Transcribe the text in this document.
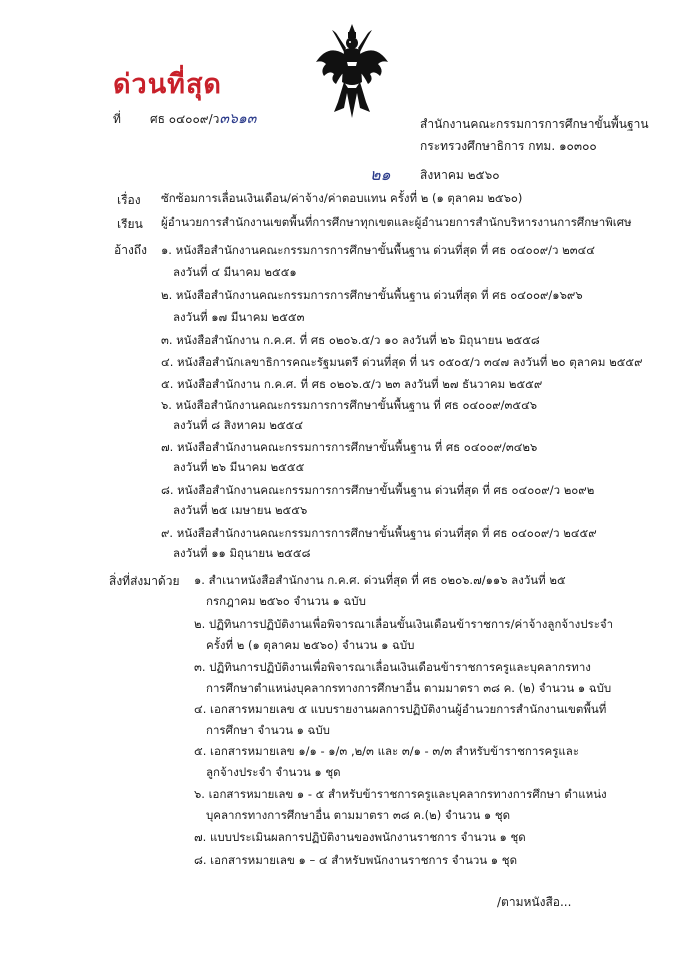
ด่วนที่สุด
ที่ ศธ ๐๔๐๐๙/ว๓๖๑๓	สำนักงานคณะกรรมการการศึกษาขั้นพื้นฐาน
กระทรวงศึกษาธิการ กทม. ๑๐๓๐๐
๒๑ สิงหาคม ๒๕๖๐
เรื่อง ซักซ้อมการเลื่อนเงินเดือน/ค่าจ้าง/ค่าตอบแทน ครั้งที่ ๒ (๑ ตุลาคม ๒๕๖๐)
เรียน ผู้อำนวยการสำนักงานเขตพื้นที่การศึกษาทุกเขตและผู้อำนวยการสำนักบริหารงานการศึกษาพิเศษ
อ้างถึง ๑. หนังสือสำนักงานคณะกรรมการการศึกษาขั้นพื้นฐาน ด่วนที่สุด ที่ ศธ ๐๔๐๐๙/ว ๒๓๔๔
ลงวันที่ ๔ มีนาคม ๒๕๕๑
๒. หนังสือสำนักงานคณะกรรมการการศึกษาขั้นพื้นฐาน ด่วนที่สุด ที่ ศธ ๐๔๐๐๙/๑๖๙๖
ลงวันที่ ๑๗ มีนาคม ๒๕๕๓
๓. หนังสือสำนักงาน ก.ค.ศ. ที่ ศธ ๐๒๐๖.๕/ว ๑๐ ลงวันที่ ๒๖ มิถุนายน ๒๕๕๘
๔. หนังสือสำนักเลขาธิการคณะรัฐมนตรี ด่วนที่สุด ที่ นร ๐๕๐๕/ว ๓๔๗ ลงวันที่ ๒๐ ตุลาคม ๒๕๕๙
๕. หนังสือสำนักงาน ก.ค.ศ. ที่ ศธ ๐๒๐๖.๕/ว ๒๓ ลงวันที่ ๒๗ ธันวาคม ๒๕๕๙
๖. หนังสือสำนักงานคณะกรรมการการศึกษาขั้นพื้นฐาน ที่ ศธ ๐๔๐๐๙/๓๕๔๖
ลงวันที่ ๘ สิงหาคม ๒๕๕๔
๗. หนังสือสำนักงานคณะกรรมการการศึกษาขั้นพื้นฐาน ที่ ศธ ๐๔๐๐๙/๓๔๒๖
ลงวันที่ ๒๖ มีนาคม ๒๕๕๕
๘. หนังสือสำนักงานคณะกรรมการการศึกษาขั้นพื้นฐาน ด่วนที่สุด ที่ ศธ ๐๔๐๐๙/ว ๒๐๙๒
ลงวันที่ ๒๕ เมษายน ๒๕๕๖
๙. หนังสือสำนักงานคณะกรรมการการศึกษาขั้นพื้นฐาน ด่วนที่สุด ที่ ศธ ๐๔๐๐๙/ว ๒๔๕๙
ลงวันที่ ๑๑ มิถุนายน ๒๕๕๘
สิ่งที่ส่งมาด้วย ๑. สำเนาหนังสือสำนักงาน ก.ค.ศ. ด่วนที่สุด ที่ ศธ ๐๒๐๖.๗/๑๑๖ ลงวันที่ ๒๕
กรกฎาคม ๒๕๖๐ จำนวน ๑ ฉบับ
๒. ปฏิทินการปฏิบัติงานเพื่อพิจารณาเลื่อนขั้นเงินเดือนข้าราชการ/ค่าจ้างลูกจ้างประจำ
ครั้งที่ ๒ (๑ ตุลาคม ๒๕๖๐) จำนวน ๑ ฉบับ
๓. ปฏิทินการปฏิบัติงานเพื่อพิจารณาเลื่อนเงินเดือนข้าราชการครูและบุคลากรทาง
การศึกษาตำแหน่งบุคลากรทางการศึกษาอื่น ตามมาตรา ๓๘ ค. (๒) จำนวน ๑ ฉบับ
๔. เอกสารหมายเลข ๕ แบบรายงานผลการปฏิบัติงานผู้อำนวยการสำนักงานเขตพื้นที่
การศึกษา จำนวน ๑ ฉบับ
๕. เอกสารหมายเลข ๑/๑ - ๑/๓ ,๒/๓ และ ๓/๑ - ๓/๓ สำหรับข้าราชการครูและ
ลูกจ้างประจำ จำนวน ๑ ชุด
๖. เอกสารหมายเลข ๑ - ๕ สำหรับข้าราชการครูและบุคลากรทางการศึกษา ตำแหน่ง
บุคลากรทางการศึกษาอื่น ตามมาตรา ๓๘ ค.(๒) จำนวน ๑ ชุด
๗. แบบประเมินผลการปฏิบัติงานของพนักงานราชการ จำนวน ๑ ชุด
๘. เอกสารหมายเลข ๑ – ๔ สำหรับพนักงานราชการ จำนวน ๑ ชุด
/ตามหนังสือ...
